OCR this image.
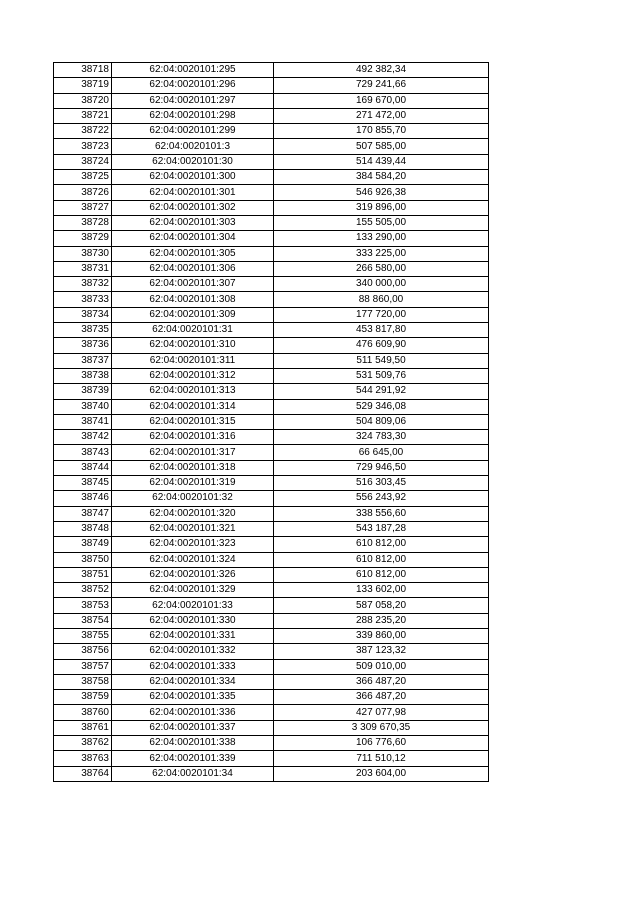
38718	62:04:0020101:295	492 382,34
38719	62:04:0020101:296	729 241,66
38720	62:04:0020101:297	169 670,00
38721	62:04:0020101:298	271 472,00
38722	62:04:0020101:299	170 855,70
38723	62:04:0020101:3	507 585,00
38724	62:04:0020101:30	514 439,44
38725	62:04:0020101:300	384 584,20
38726	62:04:0020101:301	546 926,38
38727	62:04:0020101:302	319 896,00
38728	62:04:0020101:303	155 505,00
38729	62:04:0020101:304	133 290,00
38730	62:04:0020101:305	333 225,00
38731	62:04:0020101:306	266 580,00
38732	62:04:0020101:307	340 000,00
38733	62:04:0020101:308	88 860,00
38734	62:04:0020101:309	177 720,00
38735	62:04:0020101:31	453 817,80
38736	62:04:0020101:310	476 609,90
38737	62:04:0020101:311	511 549,50
38738	62:04:0020101:312	531 509,76
38739	62:04:0020101:313	544 291,92
38740	62:04:0020101:314	529 346,08
38741	62:04:0020101:315	504 809,06
38742	62:04:0020101:316	324 783,30
38743	62:04:0020101:317	66 645,00
38744	62:04:0020101:318	729 946,50
38745	62:04:0020101:319	516 303,45
38746	62:04:0020101:32	556 243,92
38747	62:04:0020101:320	338 556,60
38748	62:04:0020101:321	543 187,28
38749	62:04:0020101:323	610 812,00
38750	62:04:0020101:324	610 812,00
38751	62:04:0020101:326	610 812,00
38752	62:04:0020101:329	133 602,00
38753	62:04:0020101:33	587 058,20
38754	62:04:0020101:330	288 235,20
38755	62:04:0020101:331	339 860,00
38756	62:04:0020101:332	387 123,32
38757	62:04:0020101:333	509 010,00
38758	62:04:0020101:334	366 487,20
38759	62:04:0020101:335	366 487,20
38760	62:04:0020101:336	427 077,98
38761	62:04:0020101:337	3 309 670,35
38762	62:04:0020101:338	106 776,60
38763	62:04:0020101:339	711 510,12
38764	62:04:0020101:34	203 604,00
